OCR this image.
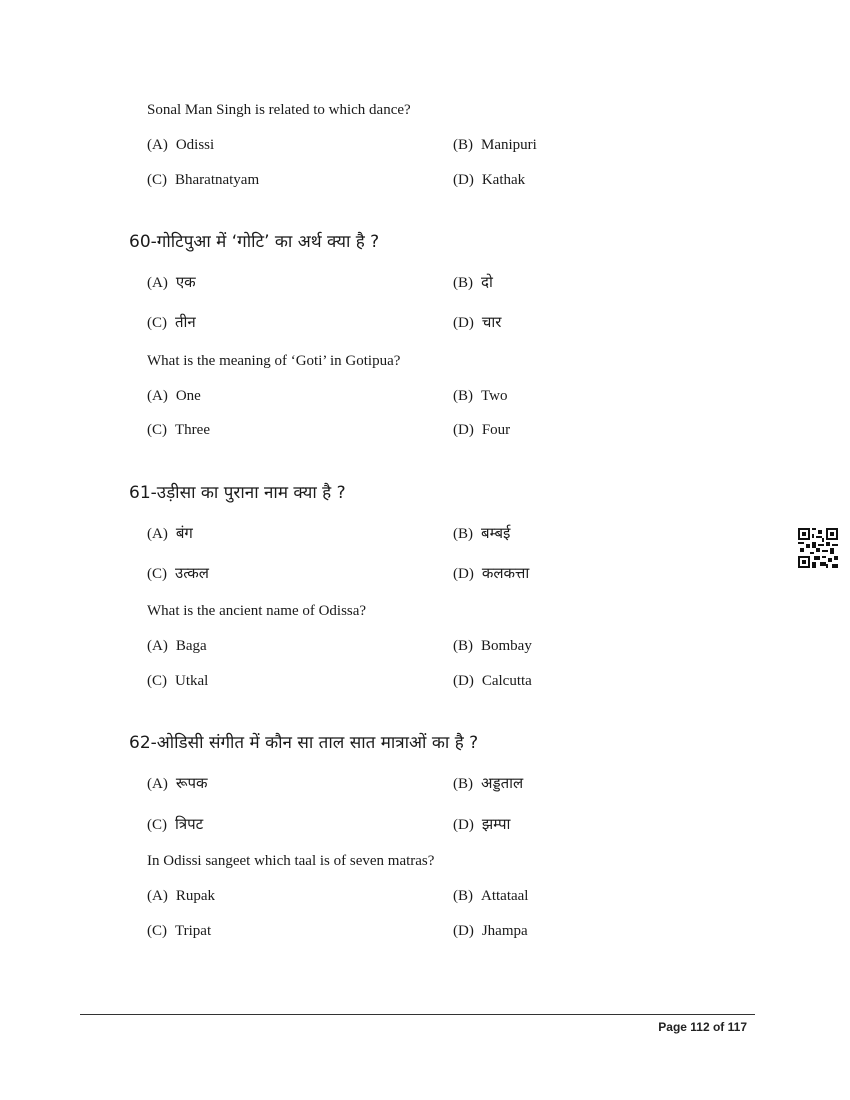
Sonal Man Singh is related to which dance?
(A) Odissi	(B) Manipuri
(C) Bharatnatyam	(D) Kathak
60-गोटिपुआ में ‘गोटि’ का अर्थ क्या है ?
(A) एक	(B) दो
(C) तीन	(D) चार
What is the meaning of ‘Goti’ in Gotipua?
(A) One	(B) Two
(C) Three	(D) Four
61-उड़ीसा का पुराना नाम क्या है ?
(A) बंग	(B) बम्बई
(C) उत्कल	(D) कलकत्ता
What is the ancient name of Odissa?
(A) Baga	(B) Bombay
(C) Utkal	(D) Calcutta
62-ओडिसी संगीत में कौन सा ताल सात मात्राओं का है ?
(A) रूपक	(B) अड्डताल
(C) त्रिपट	(D) झम्पा
In Odissi sangeet which taal is of seven matras?
(A) Rupak	(B) Attataal
(C) Tripat	(D) Jhampa
Page 112 of 117
